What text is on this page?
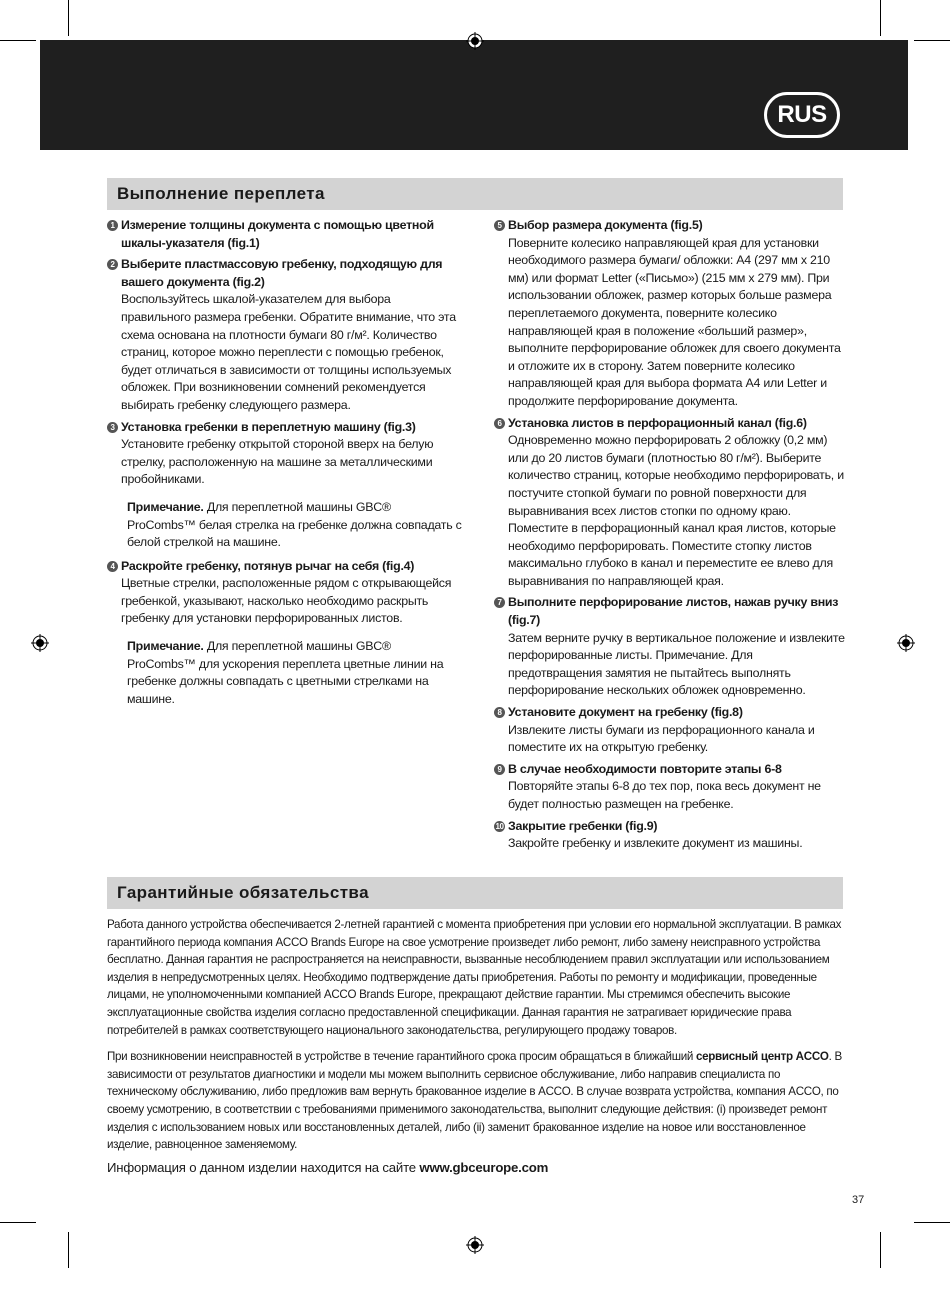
RUS
Выполнение переплета
1 Измерение толщины документа с помощью цветной шкалы-указателя (fig.1)
2 Выберите пластмассовую гребенку, подходящую для вашего документа (fig.2)
Воспользуйтесь шкалой-указателем для выбора правильного размера гребенки. Обратите внимание, что эта схема основана на плотности бумаги 80 г/м². Количество страниц, которое можно переплести с помощью гребенок, будет отличаться в зависимости от толщины используемых обложек. При возникновении сомнений рекомендуется выбирать гребенку следующего размера.
3 Установка гребенки в переплетную машину (fig.3)
Установите гребенку открытой стороной вверх на белую стрелку, расположенную на машине за металлическими пробойниками.
Примечание. Для переплетной машины GBC® ProCombs™ белая стрелка на гребенке должна совпадать с белой стрелкой на машине.
4 Раскройте гребенку, потянув рычаг на себя (fig.4)
Цветные стрелки, расположенные рядом с открывающейся гребенкой, указывают, насколько необходимо раскрыть гребенку для установки перфорированных листов.
Примечание. Для переплетной машины GBC® ProCombs™ для ускорения переплета цветные линии на гребенке должны совпадать с цветными стрелками на машине.
5 Выбор размера документа (fig.5)
Поверните колесико направляющей края для установки необходимого размера бумаги/ обложки: A4 (297 мм x 210 мм) или формат Letter («Письмо») (215 мм x 279 мм). При использовании обложек, размер которых больше размера переплетаемого документа, поверните колесико направляющей края в положение «больший размер», выполните перфорирование обложек для своего документа и отложите их в сторону. Затем поверните колесико направляющей края для выбора формата A4 или Letter и продолжите перфорирование документа.
6 Установка листов в перфорационный канал (fig.6)
Одновременно можно перфорировать 2 обложку (0,2 мм) или до 20 листов бумаги (плотностью 80 г/м²). Выберите количество страниц, которые необходимо перфорировать, и постучите стопкой бумаги по ровной поверхности для выравнивания всех листов стопки по одному краю. Поместите в перфорационный канал края листов, которые необходимо перфорировать. Поместите стопку листов максимально глубоко в канал и переместите ее влево для выравнивания по направляющей края.
7 Выполните перфорирование листов, нажав ручку вниз (fig.7)
Затем верните ручку в вертикальное положение и извлеките перфорированные листы. Примечание. Для предотвращения замятия не пытайтесь выполнять перфорирование нескольких обложек одновременно.
8 Установите документ на гребенку (fig.8)
Извлеките листы бумаги из перфорационного канала и поместите их на открытую гребенку.
9 В случае необходимости повторите этапы 6-8
Повторяйте этапы 6-8 до тех пор, пока весь документ не будет полностью размещен на гребенке.
10 Закрытие гребенки (fig.9)
Закройте гребенку и извлеките документ из машины.
Гарантийные обязательства

Работа данного устройства обеспечивается 2-летней гарантией с момента приобретения при условии его нормальной эксплуатации. В рамках гарантийного периода компания ACCO Brands Europe на свое усмотрение произведет либо ремонт, либо замену неисправного устройства бесплатно. Данная гарантия не распространяется на неисправности, вызванные несоблюдением правил эксплуатации или использованием изделия в непредусмотренных целях. Необходимо подтверждение даты приобретения. Работы по ремонту и модификации, проведенные лицами, не уполномоченными компанией ACCO Brands Europe, прекращают действие гарантии. Мы стремимся обеспечить высокие эксплуатационные свойства изделия согласно предоставленной спецификации. Данная гарантия не затрагивает юридические права потребителей в рамках соответствующего национального законодательства, регулирующего продажу товаров.

При возникновении неисправностей в устройстве в течение гарантийного срока просим обращаться в ближайший сервисный центр ACCO. В зависимости от результатов диагностики и модели мы можем выполнить сервисное обслуживание, либо направив специалиста по техническому обслуживанию, либо предложив вам вернуть бракованное изделие в ACCO. В случае возврата устройства, компания ACCO, по своему усмотрению, в соответствии с требованиями применимого законодательства, выполнит следующие действия: (i) произведет ремонт изделия с использованием новых или восстановленных деталей, либо (ii) заменит бракованное изделие на новое или восстановленное изделие, равноценное заменяемому.

Информация о данном изделии находится на сайте www.gbceurope.com
37
